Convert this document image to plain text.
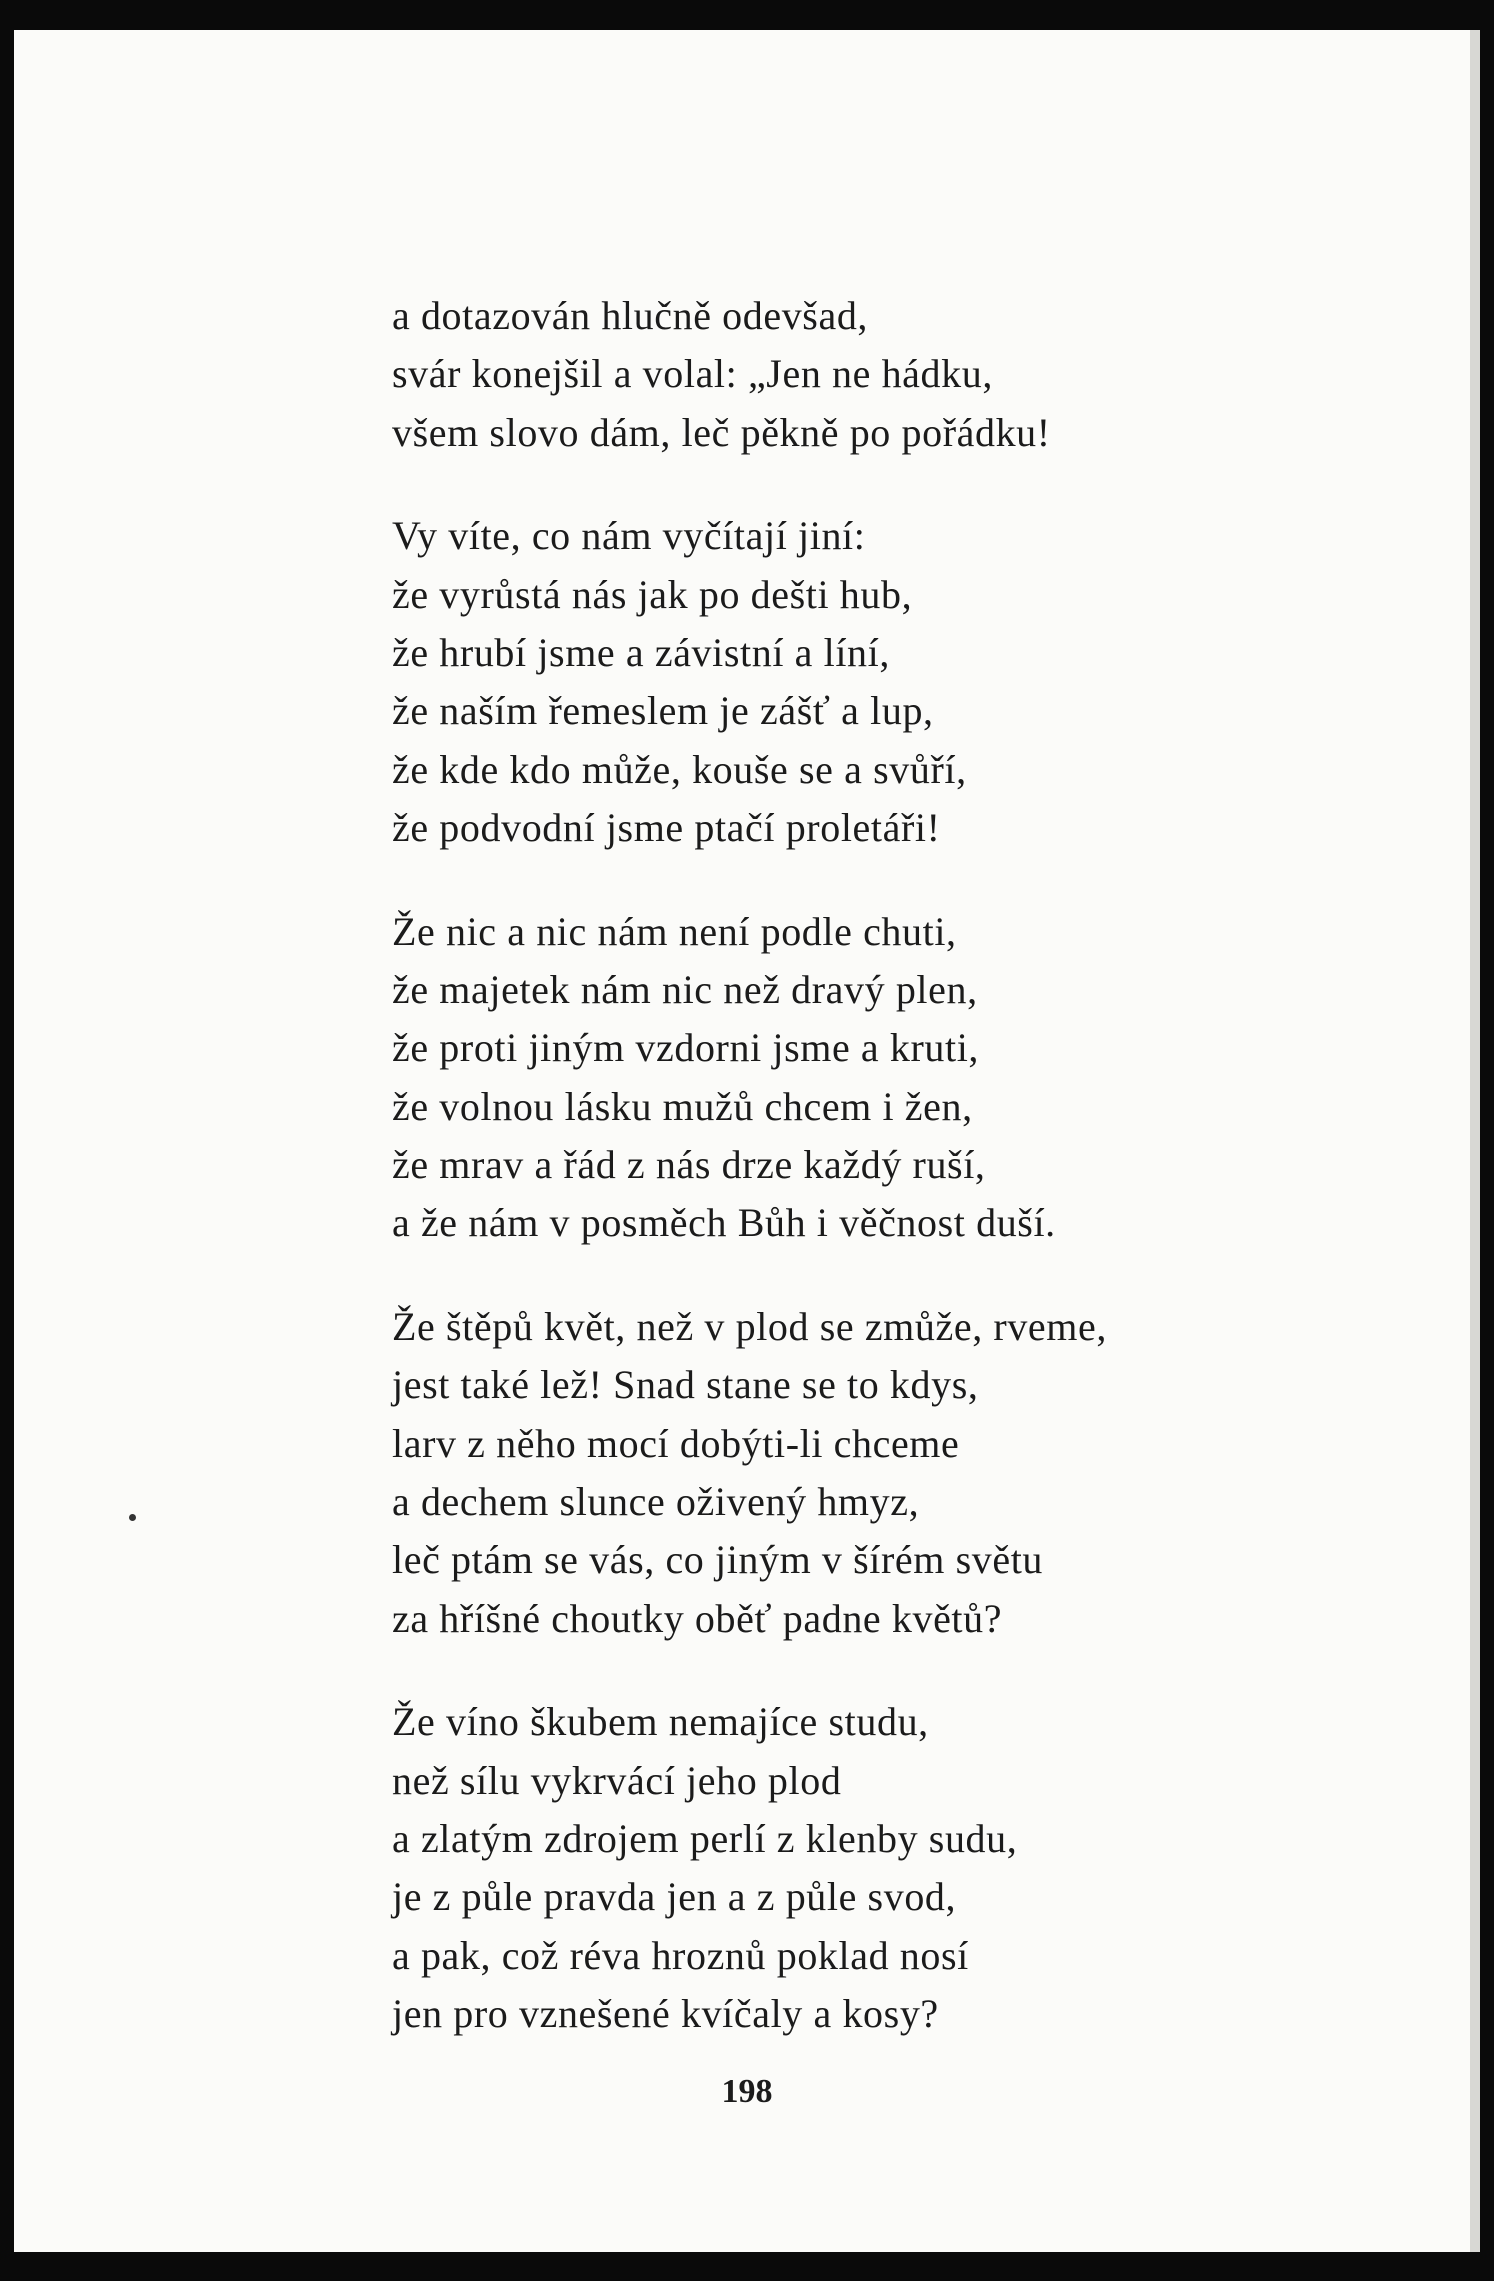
a dotazován hlučně odevšad,
svár konejšil a volal: „Jen ne hádku,
všem slovo dám, leč pěkně po pořádku!
Vy víte, co nám vyčítají jiní:
že vyrůstá nás jak po dešti hub,
že hrubí jsme a závistní a líní,
že naším řemeslem je zášť a lup,
že kde kdo může, kouše se a svůří,
že podvodní jsme ptačí proletáři!
Že nic a nic nám není podle chuti,
že majetek nám nic než dravý plen,
že proti jiným vzdorni jsme a kruti,
že volnou lásku mužů chcem i žen,
že mrav a řád z nás drze každý ruší,
a že nám v posměch Bůh i věčnost duší.
Že štěpů květ, než v plod se zmůže, rveme,
jest také lež! Snad stane se to kdys,
larv z něho mocí dobýti-li chceme
a dechem slunce oživený hmyz,
leč ptám se vás, co jiným v šírém světu
za hříšné choutky oběť padne květů?
Že víno škubem nemajíce studu,
než sílu vykrvácí jeho plod
a zlatým zdrojem perlí z klenby sudu,
je z půle pravda jen a z půle svod,
a pak, což réva hroznů poklad nosí
jen pro vznešené kvíčaly a kosy?
198
